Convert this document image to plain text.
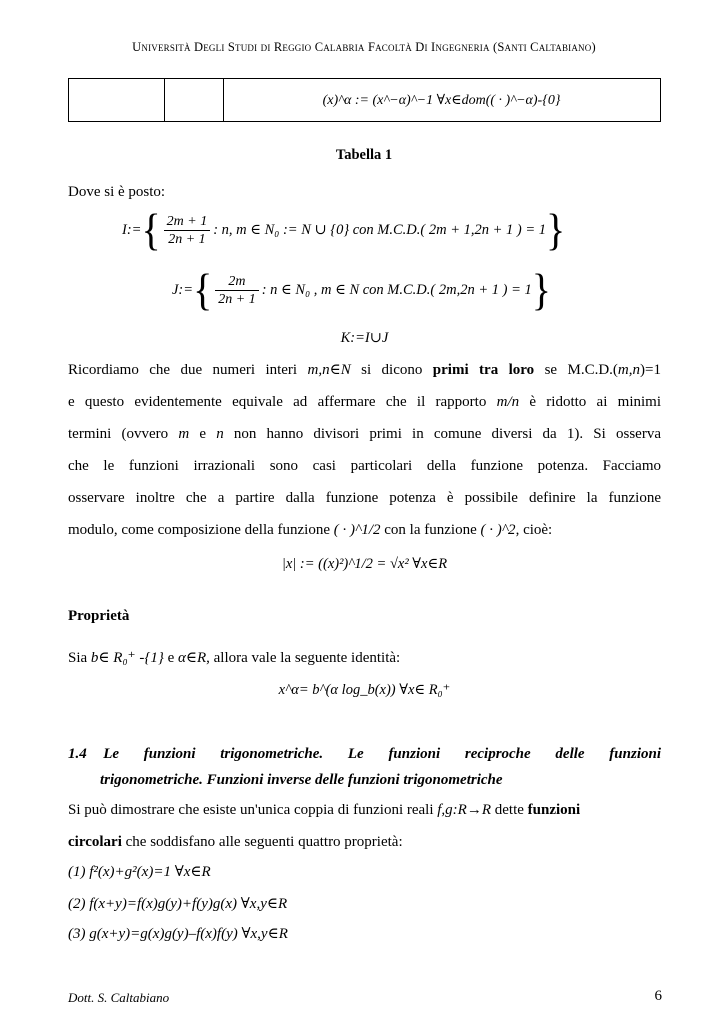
Università Degli Studi di Reggio Calabria Facoltà Di Ingegneria (Santi Caltabiano)
(x)^α := (x^−α)^−1 ∀x∈dom(( · )^−α)-{0}
Tabella 1
Dove si è posto:
I:= { $\frac{2m + 1}{2n + 1}$ : n, m ∈ N₀ := N ∪ {0} con M.C.D.( 2m + 1,2n + 1 ) = 1 }
J:= { $\frac{2m}{2n + 1}$ : n ∈ N₀ , m ∈ N con M.C.D.( 2m,2n + 1 ) = 1 }
K:=I∪J
Ricordiamo che due numeri interi m,n∈N si dicono primi tra loro se M.C.D.(m,n)=1
e questo evidentemente equivale ad affermare che il rapporto m/n è ridotto ai minimi
termini (ovvero m e n non hanno divisori primi in comune diversi da 1). Si osserva
che le funzioni irrazionali sono casi particolari della funzione potenza. Facciamo
osservare inoltre che a partire dalla funzione potenza è possibile definire la funzione
modulo, come composizione della funzione ( · )^1/2 con la funzione ( · )^2, cioè:
|x| := ((x)²)^1/2 = √x² ∀x∈R
Proprietà
Sia b∈ R₀⁺ -{1} e α∈R, allora vale la seguente identità:
x^α= b^(α log_b(x)) ∀x∈ R₀⁺
1.4  Le   funzioni   trigonometriche.   Le   funzioni   reciproche   delle   funzioni
trigonometriche. Funzioni inverse delle funzioni trigonometriche
Si può dimostrare che esiste un'unica coppia di funzioni reali f,g:R→R dette funzioni
circolari che soddisfano alle seguenti quattro proprietà:
(1) f²(x)+g²(x)=1 ∀x∈R
(2) f(x+y)=f(x)g(y)+f(y)g(x) ∀x,y∈R
(3) g(x+y)=g(x)g(y)–f(x)f(y) ∀x,y∈R
Dott. S. Caltabiano	6
